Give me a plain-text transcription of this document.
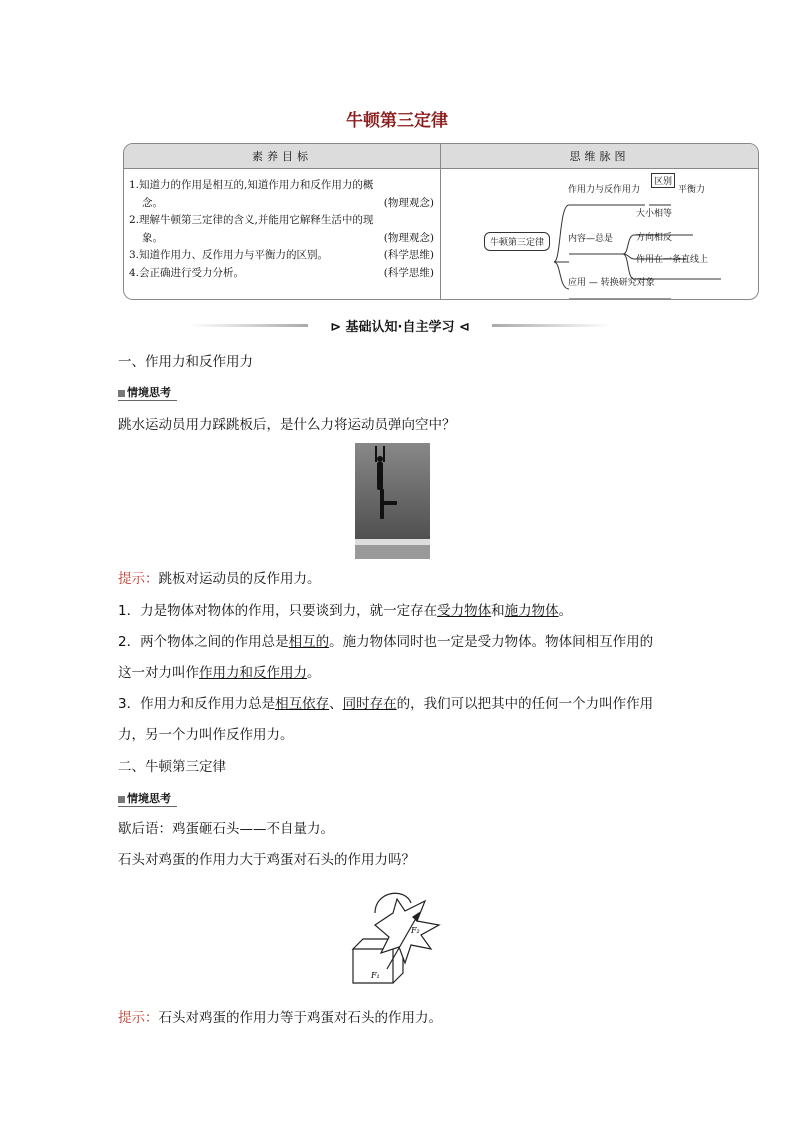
牛顿第三定律
素养目标	思维脉图
1.知道力的作用是相互的,知道作用力和反作用力的概
念。	(物理观念)
2.理解牛顿第三定律的含义,并能用它解释生活中的现
象。	(物理观念)
3.知道作用力、反作用力与平衡力的区别。	(科学思维)
4.会正确进行受力分析。	(科学思维)
牛顿第三定律
作用力与反作用力
区别
平衡力
内容—总是
大小相等
方向相反
作用在一条直线上
应用 — 转换研究对象
⊳ 基础认知·自主学习 ⊲
一、作用力和反作用力
情境思考
跳水运动员用力踩跳板后，是什么力将运动员弹向空中？
提示：跳板对运动员的反作用力。
1．力是物体对物体的作用，只要谈到力，就一定存在受力物体和施力物体。
2．两个物体之间的作用总是相互的。施力物体同时也一定是受力物体。物体间相互作用的
这一对力叫作作用力和反作用力。
3．作用力和反作用力总是相互依存、同时存在的，我们可以把其中的任何一个力叫作作用
力，另一个力叫作反作用力。
二、牛顿第三定律
情境思考
歇后语：鸡蛋砸石头——不自量力。
石头对鸡蛋的作用力大于鸡蛋对石头的作用力吗？
F₂
F₁
提示：石头对鸡蛋的作用力等于鸡蛋对石头的作用力。
